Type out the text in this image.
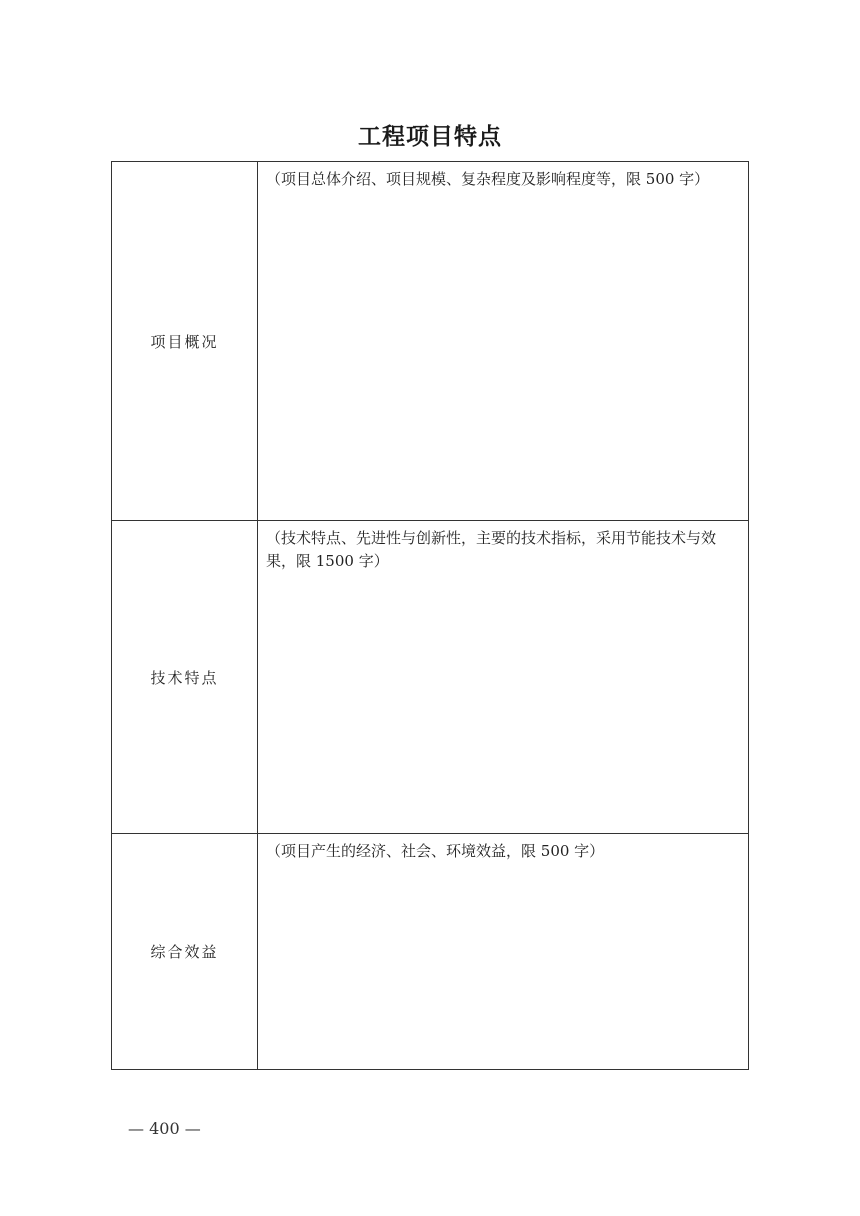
工程项目特点
项目概况	（项目总体介绍、项目规模、复杂程度及影响程度等，限 500 字）
技术特点	（技术特点、先进性与创新性，主要的技术指标，采用节能技术与效果，限 1500 字）
综合效益	（项目产生的经济、社会、环境效益，限 500 字）

— 400 —
